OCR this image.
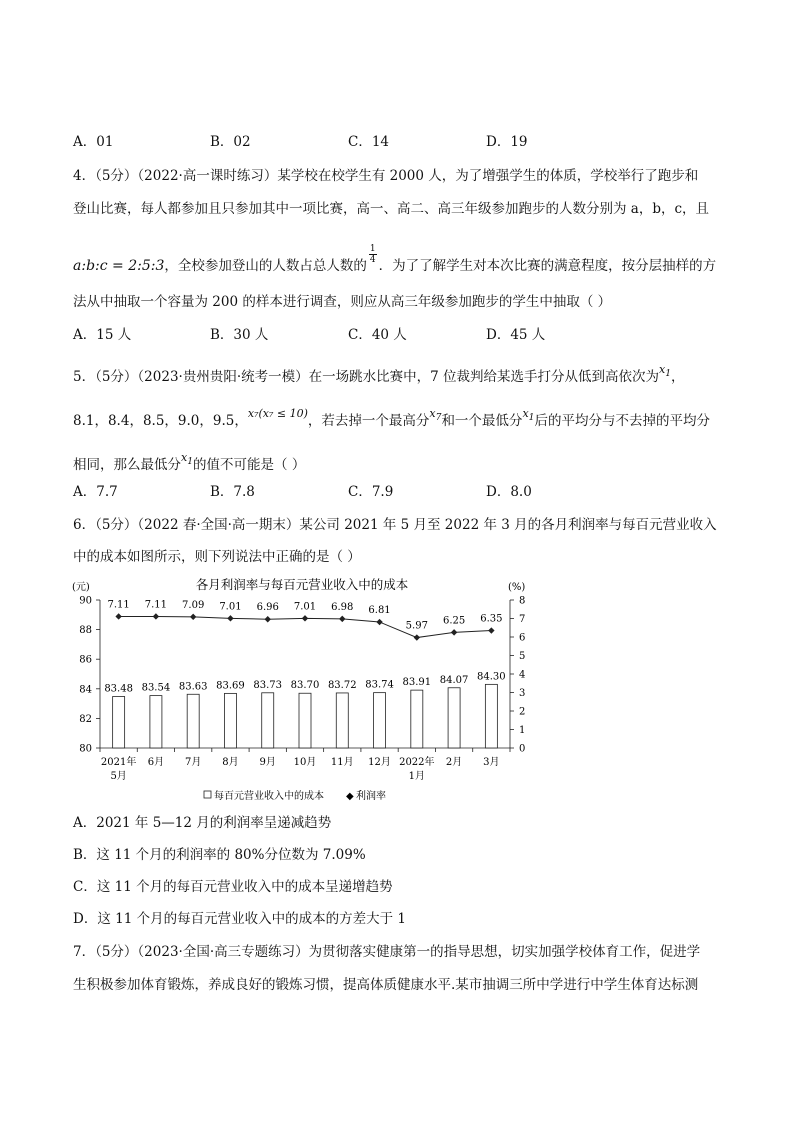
A．01	B．02	C．14	D．19
4．（5分）（2022·高一课时练习）某学校在校学生有 2000 人，为了增强学生的体质，学校举行了跑步和
登山比赛，每人都参加且只参加其中一项比赛，高一、高二、高三年级参加跑步的人数分别为 a，b，c，且
a:b:c = 2:5:3，全校参加登山的人数占总人数的
$\frac{1}{4}$
．为了了解学生对本次比赛的满意程度，按分层抽样的方
法从中抽取一个容量为 200 的样本进行调查，则应从高三年级参加跑步的学生中抽取（ ）
A．15 人	B．30 人	C．40 人	D．45 人
5．（5分）（2023·贵州贵阳·统考一模）在一场跳水比赛中，7 位裁判给某选手打分从低到高依次为$^{x_1}$，
8.1，8.4，8.5，9.0，9.5，$^{x_7(x_7 \le 10)}$，若去掉一个最高分$^{x_7}$和一个最低分$^{x_1}$后的平均分与不去掉的平均分
相同，那么最低分$^{x_1}$的值不可能是（ ）
A．7.7	B．7.8	C．7.9	D．8.0
6．（5分）（2022 春·全国·高一期末）某公司 2021 年 5 月至 2022 年 3 月的各月利润率与每百元营业收入
中的成本如图所示，则下列说法中正确的是（ ）
各月利润率与每百元营业收入中的成本
(元)	(%)
80
82
84
86
88
90
0
1
2
3
4
5
6
7
8
83.48 83.54 83.63 83.69 83.73 83.70 83.72 83.74 83.91 84.07 84.30
7.11 7.11 7.09 7.01 6.96 7.01 6.98 6.81
5.97 6.25 6.35
2021年
5月
6月 7月 8月 9月 10月 11月 12月 2022年
1月
2月 3月
每百元营业收入中的成本 ◆ 利润率
A．2021 年 5—12 月的利润率呈递减趋势
B．这 11 个月的利润率的 80%分位数为 7.09%
C．这 11 个月的每百元营业收入中的成本呈递增趋势
D．这 11 个月的每百元营业收入中的成本的方差大于 1
7．（5分）（2023·全国·高三专题练习）为贯彻落实健康第一的指导思想，切实加强学校体育工作，促进学
生积极参加体育锻炼，养成良好的锻炼习惯，提高体质健康水平.某市抽调三所中学进行中学生体育达标测
